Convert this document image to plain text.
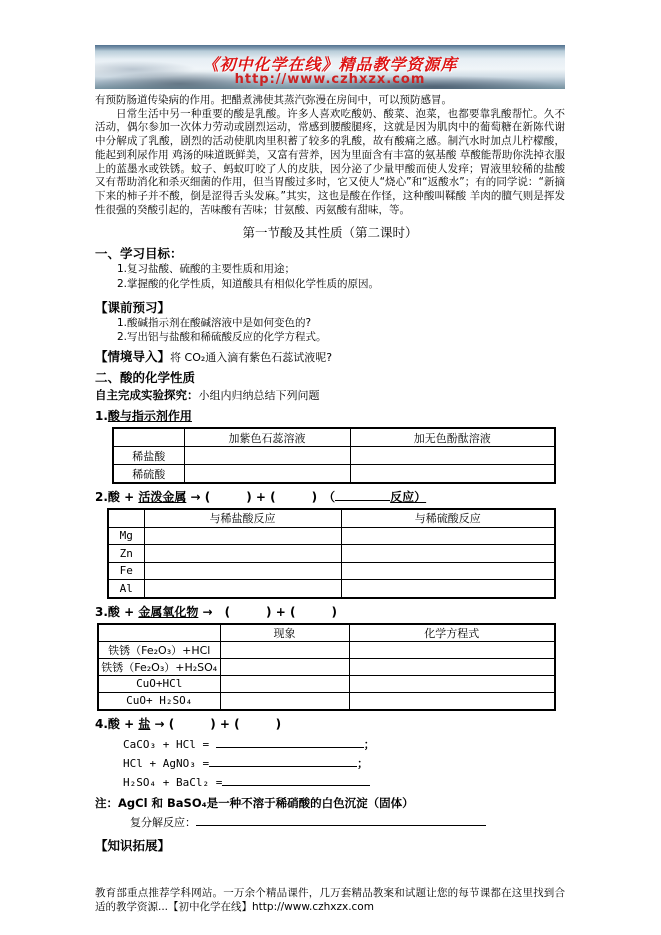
《初中化学在线》精品教学资源库
http://www.czhxzx.com

有预防肠道传染病的作用。把醋煮沸使其蒸汽弥漫在房间中，可以预防感冒。

日常生活中另一种重要的酸是乳酸。许多人喜欢吃酸奶、酸菜、泡菜，也都要靠乳酸帮忙。久不活动，偶尔参加一次体力劳动或剧烈运动，常感到腰酸腿疼，这就是因为肌肉中的葡萄糖在新陈代谢中分解成了乳酸，剧烈的活动使肌肉里积蓄了较多的乳酸，故有酸痛之感。制汽水时加点儿柠檬酸，能起到利尿作用 鸡汤的味道既鲜美，又富有营养，因为里面含有丰富的氨基酸 草酸能帮助你洗掉衣服上的蓝墨水或铁锈。蚊子、蚂蚁叮咬了人的皮肤，因分泌了少量甲酸而使人发痒；胃液里较稀的盐酸又有帮助消化和杀灭细菌的作用，但当胃酸过多时，它又使人“烧心”和“返酸水”；有的同学说：“新摘下来的柿子并不酸，倒是涩得舌头发麻。”其实，这也是酸在作怪，这种酸叫鞣酸 羊肉的膻气则是挥发性很强的癸酸引起的，苦味酸有苦味；甘氨酸、丙氨酸有甜味，等。

第一节酸及其性质（第二课时）
一、学习目标：
1.复习盐酸、硫酸的主要性质和用途；
2.掌握酸的化学性质，知道酸具有相似化学性质的原因。
【课前预习】
1.酸碱指示剂在酸碱溶液中是如何变色的?
2.写出铝与盐酸和稀硫酸反应的化学方程式。
【情境导入】将 CO₂通入滴有紫色石蕊试液呢?
二、酸的化学性质
自主完成实验探究：小组内归纳总结下列问题
1.酸与指示剂作用
	加紫色石蕊溶液	加无色酚酞溶液
稀盐酸		
稀硫酸		
2.酸 + 活泼金属 → (　　　) + (　　　)　（	反应）
	与稀盐酸反应	与稀硫酸反应
Mg		
Zn		
Fe		
Al		
3.酸 + 金属氧化物 →　(　　　) + (　　　)
	现象	化学方程式
铁锈（Fe₂O₃）+HCl		
铁锈（Fe₂O₃）+H₂SO₄		
CuO+HCl		
CuO+ H₂SO₄		
4.酸 + 盐 → (　　　) + (　　　)
CaCO₃ + HCl =	；
HCl + AgNO₃ =	；
H₂SO₄ + BaCl₂ =
注：AgCl 和 BaSO₄是一种不溶于稀硝酸的白色沉淀（固体）
复分解反应：
【知识拓展】
教育部重点推荐学科网站。一万余个精品课件，几万套精品教案和试题让您的每节课都在这里找到合适的教学资源...【初中化学在线】http://www.czhxzx.com
